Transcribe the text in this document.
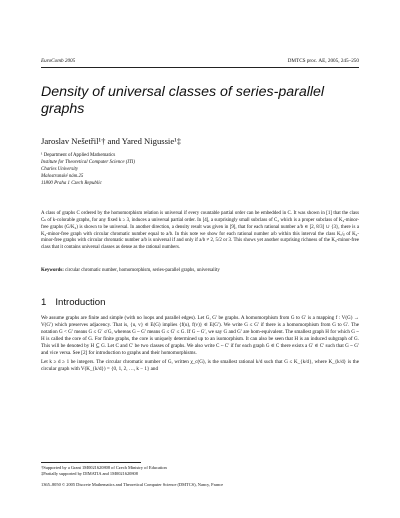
EuroComb 2005	DMTCS proc. AE, 2005, 245–250
Density of universal classes of series-parallel graphs
Jaroslav Nešetřil¹† and Yared Nigussie¹‡
¹ Department of Applied Mathematics
Institute for Theoretical Computer Science (ITI)
Charles University
Malostranské nám.25
11800 Praha 1 Czech Republic
A class of graphs C ordered by the homomorphism relation is universal if every countable partial order can be embedded in C. It was shown in [1] that the class Cₖ of k-colorable graphs, for any fixed k ≥ 3, induces a universal partial order. In [4], a surprisingly small subclass of C₃ which is a proper subclass of K₄-minor-free graphs (G/K₄) is shown to be universal. In another direction, a density result was given in [9], that for each rational number a/b ∈ [2, 8/3] ∪ {3}, there is a K₄-minor-free graph with circular chromatic number equal to a/b. In this note we show for each rational number a/b within this interval the class Kₐ/ᵦ of K₄-minor-free graphs with circular chromatic number a/b is universal if and only if a/b ≠ 2, 5/2 or 3. This shows yet another surprising richness of the K₄-minor-free class that it contains universal classes as dense as the rational numbers.
Keywords: circular chromatic number, homomorphism, series-parallel graphs, universality
1 Introduction

We assume graphs are finite and simple (with no loops and parallel edges). Let G, G′ be graphs. A homomorphism from G to G′ is a mapping f : V(G) → V(G′) which preserves adjacency. That is, {u, v} ∈ E(G) implies {f(u), f(v)} ∈ E(G′). We write G ≤ G′ if there is a homomorphism from G to G′. The notation G < G′ means G ≤ G′ ≰ G, whereas G ~ G′ means G ≤ G′ ≤ G. If G ~ G′, we say G and G′ are hom-equivalent. The smallest graph H for which G ~ H is called the core of G. For finite graphs, the core is uniquely determined up to an isomorphism. It can also be seen that H is an induced subgraph of G. This will be denoted by H ⊆ G. Let C and C′ be two classes of graphs. We also write C ~ C′ if for each graph G ∈ C there exists a G′ ∈ C′ such that G ~ G′ and vice versa. See [2] for introduction to graphs and their homomorphisms.

Let k ≥ d ≥ 1 be integers. The circular chromatic number of G, written χ_c(G), is the smallest rational k/d such that G ≤ K_{k/d}, where K_{k/d} is the circular graph with V(K_{k/d}) = {0, 1, 2, …, k − 1} and

†Supported by a Grant 1M0021620808 of Czech Ministry of Education
‡Partially supported by DIMATIA and 1M0021620808
1365–8050 © 2005 Discrete Mathematics and Theoretical Computer Science (DMTCS), Nancy, France
